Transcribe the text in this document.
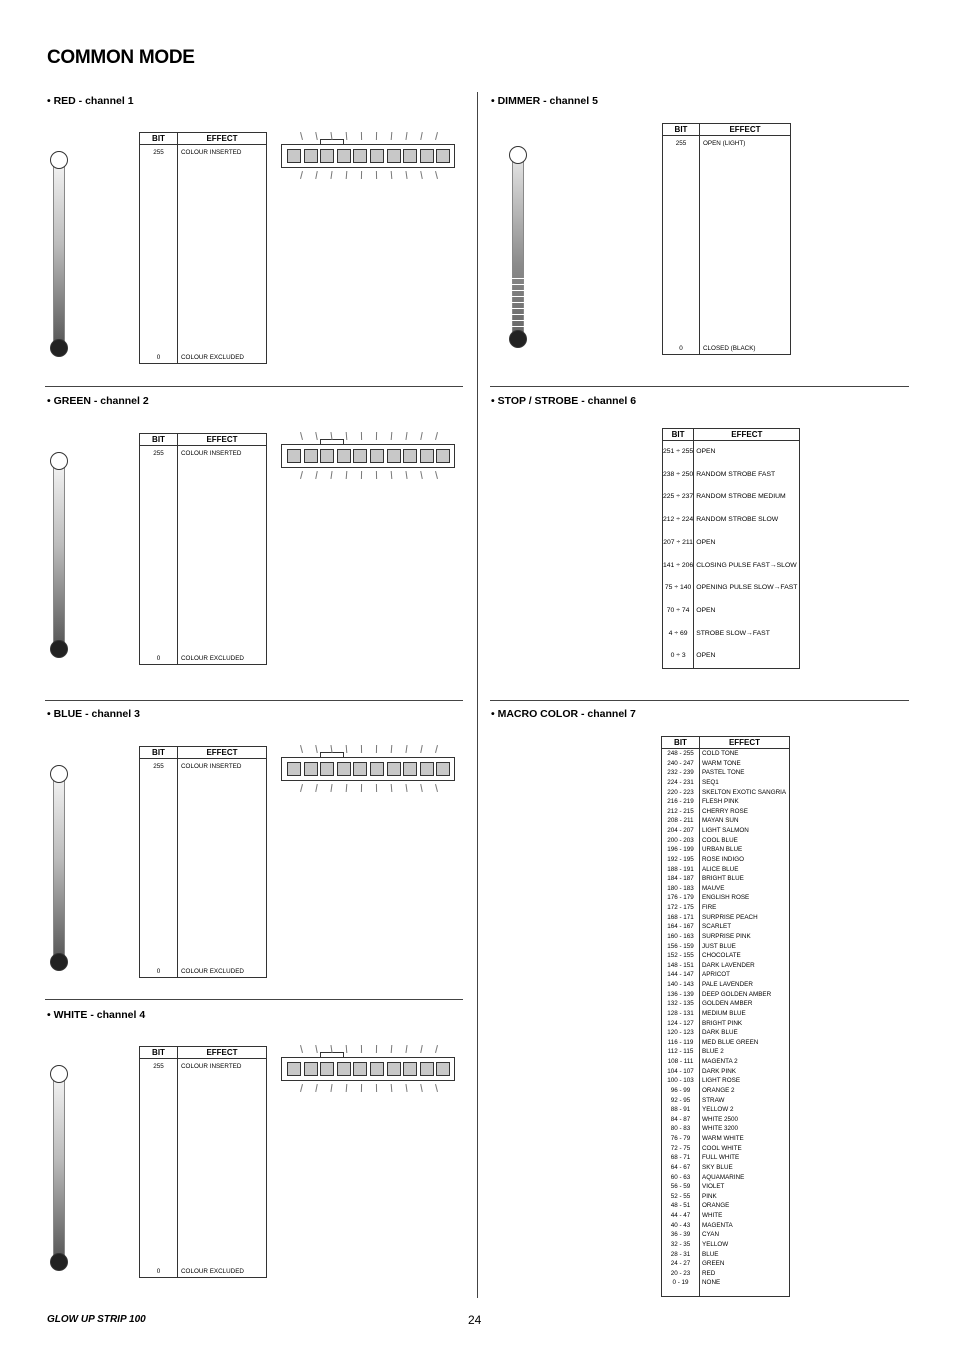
COMMON MODE
• RED - channel 1
BIT	EFFECT
255	COLOUR INSERTED
0	COLOUR EXCLUDED
• GREEN - channel 2
BIT	EFFECT
255	COLOUR INSERTED
0	COLOUR EXCLUDED
• BLUE - channel 3
BIT	EFFECT
255	COLOUR INSERTED
0	COLOUR EXCLUDED
• WHITE - channel 4
BIT	EFFECT
255	COLOUR INSERTED
0	COLOUR EXCLUDED
• DIMMER - channel 5
BIT	EFFECT
255	OPEN (LIGHT)
0	CLOSED (BLACK)
• STOP / STROBE - channel 6
BIT	EFFECT
251 ÷ 255	OPEN
238 ÷ 250	RANDOM STROBE FAST
225 ÷ 237	RANDOM STROBE MEDIUM
212 ÷ 224	RANDOM STROBE SLOW
207 ÷ 211	OPEN
141 ÷ 206	CLOSING PULSE FAST→SLOW
75 ÷ 140	OPENING PULSE SLOW→FAST
70 ÷ 74	OPEN
4 ÷ 69	STROBE SLOW→FAST
0 ÷ 3	OPEN

• MACRO COLOR - channel 7
BIT	EFFECT
248 - 255	COLD TONE
240 - 247	WARM TONE
232 - 239	PASTEL TONE
224 - 231	SEQ1
220 - 223	SKELTON EXOTIC SANGRIA
216 - 219	FLESH PINK
212 - 215	CHERRY ROSE
208 - 211	MAYAN SUN
204 - 207	LIGHT SALMON
200 - 203	COOL BLUE
196 - 199	URBAN BLUE
192 - 195	ROSE INDIGO
188 - 191	ALICE BLUE
184 - 187	BRIGHT BLUE
180 - 183	MAUVE
176 - 179	ENGLISH ROSE
172 - 175	FIRE
168 - 171	SURPRISE PEACH
164 - 167	SCARLET
160 - 163	SURPRISE PINK
156 - 159	JUST BLUE
152 - 155	CHOCOLATE
148 - 151	DARK LAVENDER
144 - 147	APRICOT
140 - 143	PALE LAVENDER
136 - 139	DEEP GOLDEN AMBER
132 - 135	GOLDEN AMBER
128 - 131	MEDIUM BLUE
124 - 127	BRIGHT PINK
120 - 123	DARK BLUE
116 - 119	MED BLUE GREEN
112 - 115	BLUE 2
108 - 111	MAGENTA 2
104 - 107	DARK PINK
100 - 103	LIGHT ROSE
96 - 99	ORANGE 2
92 - 95	STRAW
88 - 91	YELLOW 2
84 - 87	WHITE 2500
80 - 83	WHITE 3200
76 - 79	WARM WHITE
72 - 75	COOL WHITE
68 - 71	FULL WHITE
64 - 67	SKY BLUE
60 - 63	AQUAMARINE
56 - 59	VIOLET
52 - 55	PINK
48 - 51	ORANGE
44 - 47	WHITE
40 - 43	MAGENTA
36 - 39	CYAN
32 - 35	YELLOW
28 - 31	BLUE
24 - 27	GREEN
20 - 23	RED
0 - 19	NONE

GLOW UP STRIP 100	24
